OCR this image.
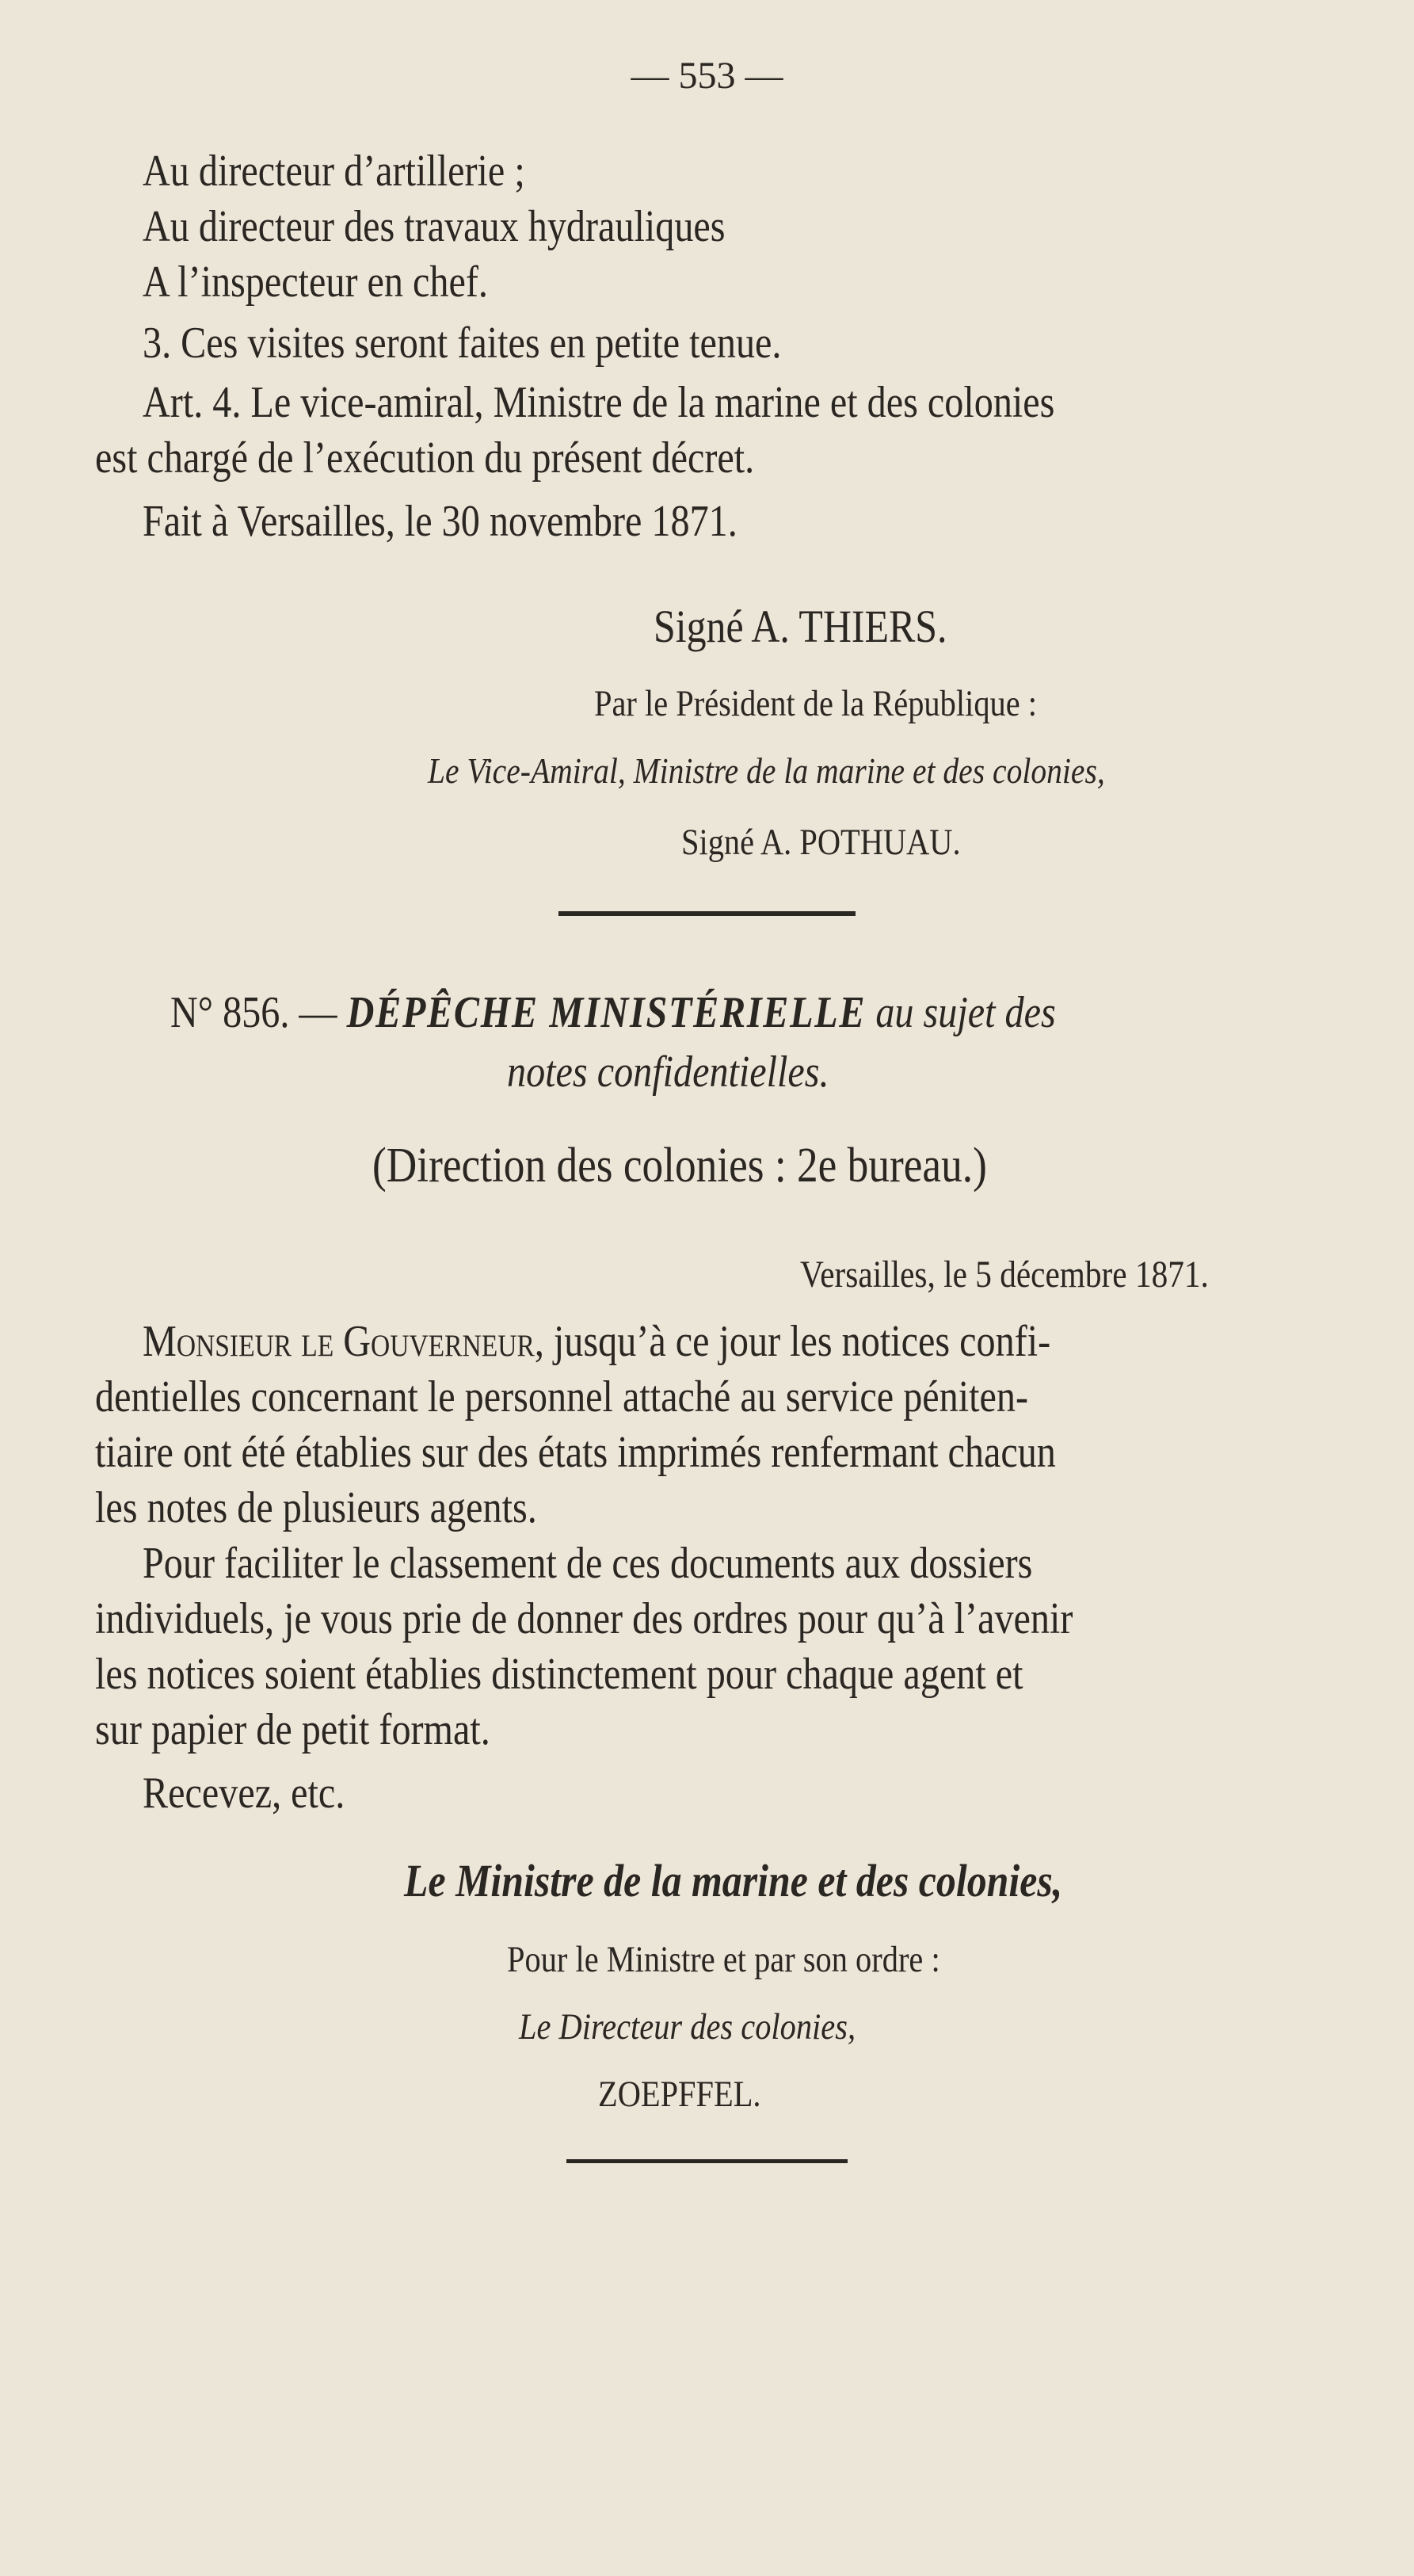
— 553 —
Au directeur d’artillerie ;
Au directeur des travaux hydrauliques
A l’inspecteur en chef.
3. Ces visites seront faites en petite tenue.
Art. 4. Le vice-amiral, Ministre de la marine et des colonies
est chargé de l’exécution du présent décret.
Fait à Versailles, le 30 novembre 1871.
Signé A. THIERS.
Par le Président de la République :
Le Vice-Amiral, Ministre de la marine et des colonies,
Signé A. POTHUAU.
N° 856. — DÉPÊCHE MINISTÉRIELLE au sujet des
notes confidentielles.
(Direction des colonies : 2e bureau.)
Versailles, le 5 décembre 1871.
Monsieur le Gouverneur, jusqu’à ce jour les notices confi-
dentielles concernant le personnel attaché au service péniten-
tiaire ont été établies sur des états imprimés renfermant chacun
les notes de plusieurs agents.
Pour faciliter le classement de ces documents aux dossiers
individuels, je vous prie de donner des ordres pour qu’à l’avenir
les notices soient établies distinctement pour chaque agent et
sur papier de petit format.
Recevez, etc.
Le Ministre de la marine et des colonies,
Pour le Ministre et par son ordre :
Le Directeur des colonies,
ZOEPFFEL.
